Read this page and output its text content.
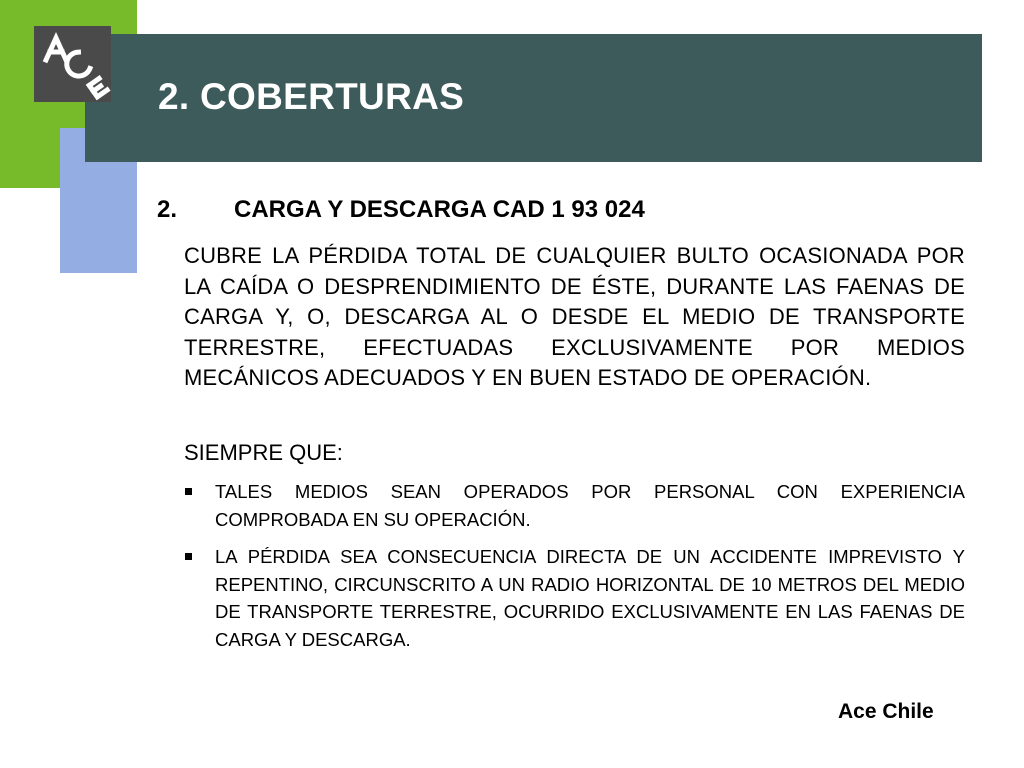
2. COBERTURAS
2. CARGA Y DESCARGA CAD 1 93 024
CUBRE LA PÉRDIDA TOTAL DE CUALQUIER BULTO OCASIONADA POR LA CAÍDA O DESPRENDIMIENTO DE ÉSTE, DURANTE LAS FAENAS DE CARGA Y, O, DESCARGA AL O DESDE EL MEDIO DE TRANSPORTE TERRESTRE, EFECTUADAS EXCLUSIVAMENTE POR MEDIOS MECÁNICOS ADECUADOS Y EN BUEN ESTADO DE OPERACIÓN.
SIEMPRE QUE:
TALES MEDIOS SEAN OPERADOS POR PERSONAL CON EXPERIENCIA COMPROBADA EN SU OPERACIÓN.
LA PÉRDIDA SEA CONSECUENCIA DIRECTA DE UN ACCIDENTE IMPREVISTO Y REPENTINO, CIRCUNSCRITO A UN RADIO HORIZONTAL DE 10 METROS DEL MEDIO DE TRANSPORTE TERRESTRE, OCURRIDO EXCLUSIVAMENTE EN LAS FAENAS DE CARGA Y DESCARGA.
Ace Chile
